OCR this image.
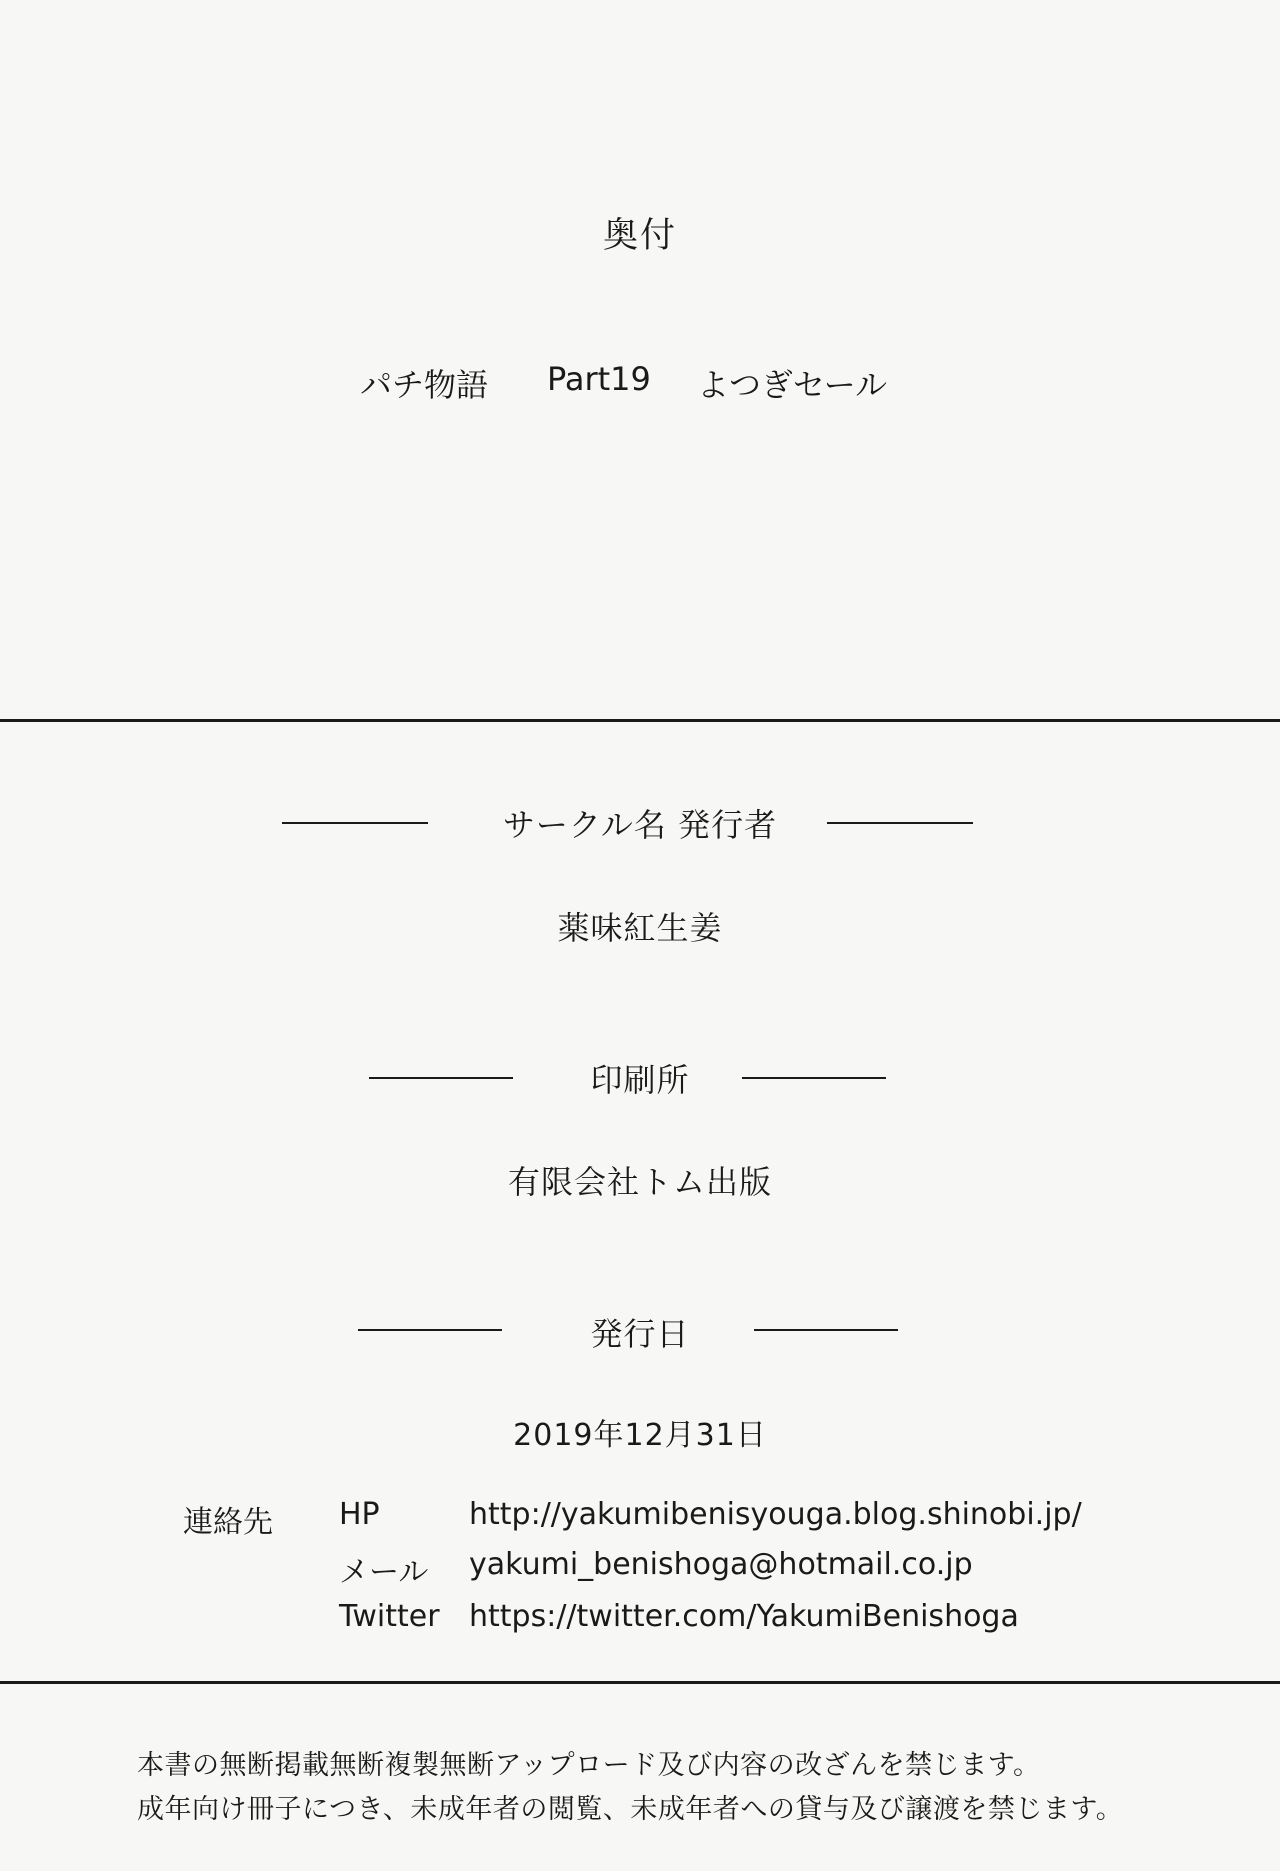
奥付
パチ物語 Part19 よつぎセール
サークル名 発行者
薬味紅生姜
印刷所
有限会社トム出版
発行日
2019年12月31日
連絡先 HP	http://yakumibenisyouga.blog.shinobi.jp/
メール yakumi_benishoga@hotmail.co.jp
Twitter https://twitter.com/YakumiBenishoga
本書の無断掲載無断複製無断アップロード及び内容の改ざんを禁じます。
成年向け冊子につき、未成年者の閲覧、未成年者への貸与及び譲渡を禁じます。
